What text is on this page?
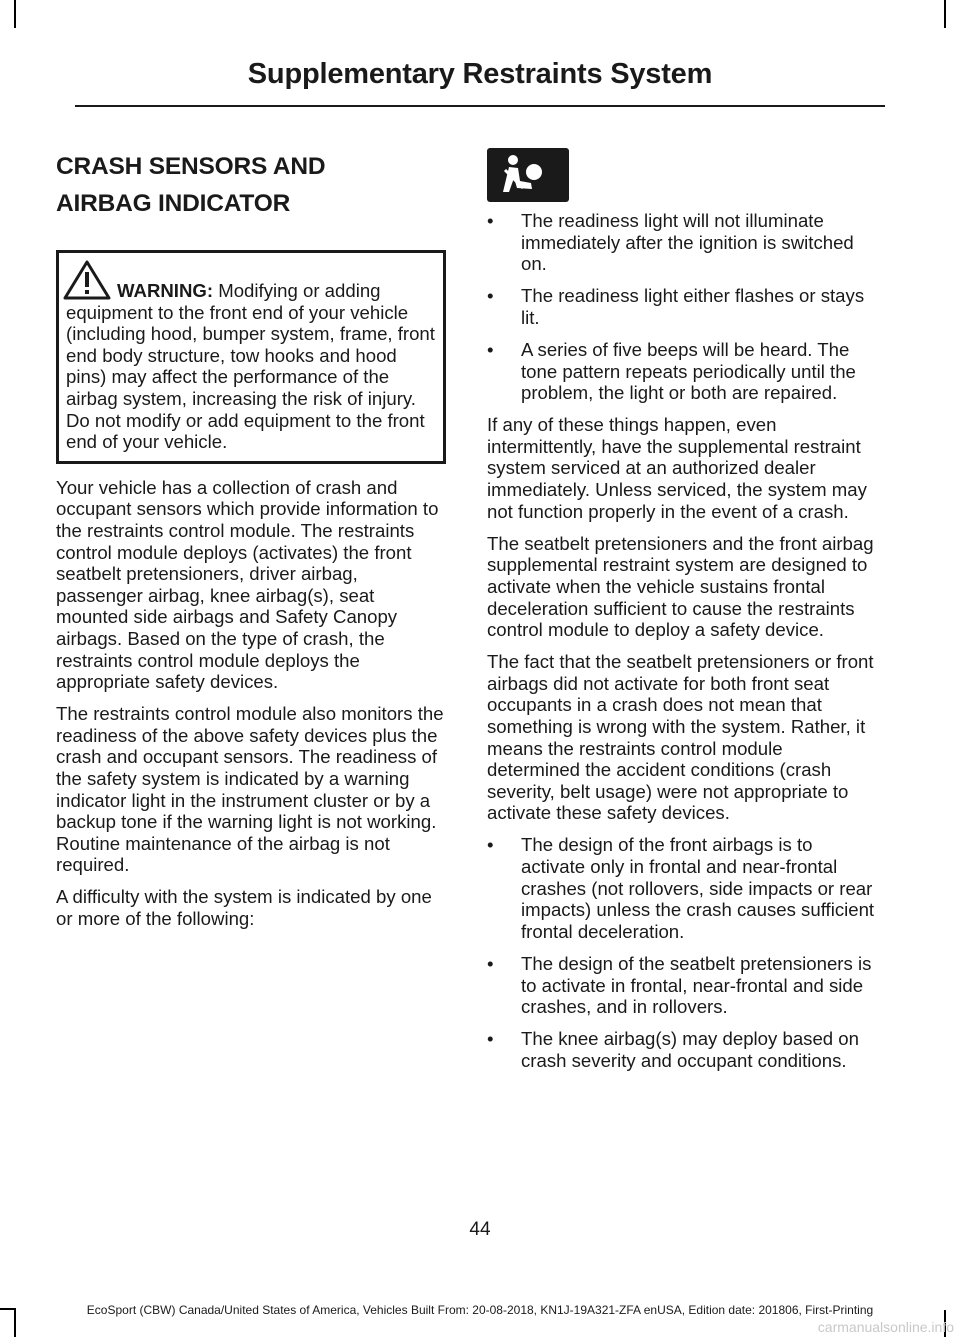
Supplementary Restraints System
CRASH SENSORS AND
AIRBAG INDICATOR

WARNING: Modifying or adding equipment to the front end of your vehicle (including hood, bumper system, frame, front end body structure, tow hooks and hood pins) may affect the performance of the airbag system, increasing the risk of injury. Do not modify or add equipment to the front end of your vehicle.

Your vehicle has a collection of crash and occupant sensors which provide information to the restraints control module. The restraints control module deploys (activates) the front seatbelt pretensioners, driver airbag, passenger airbag, knee airbag(s), seat mounted side airbags and Safety Canopy airbags. Based on the type of crash, the restraints control module deploys the appropriate safety devices.

The restraints control module also monitors the readiness of the above safety devices plus the crash and occupant sensors. The readiness of the safety system is indicated by a warning indicator light in the instrument cluster or by a backup tone if the warning light is not working. Routine maintenance of the airbag is not required.

A difficulty with the system is indicated by one or more of the following:

• The readiness light will not illuminate immediately after the ignition is switched on.
• The readiness light either flashes or stays lit.
• A series of five beeps will be heard. The tone pattern repeats periodically until the problem, the light or both are repaired.

If any of these things happen, even intermittently, have the supplemental restraint system serviced at an authorized dealer immediately. Unless serviced, the system may not function properly in the event of a crash.

The seatbelt pretensioners and the front airbag supplemental restraint system are designed to activate when the vehicle sustains frontal deceleration sufficient to cause the restraints control module to deploy a safety device.

The fact that the seatbelt pretensioners or front airbags did not activate for both front seat occupants in a crash does not mean that something is wrong with the system. Rather, it means the restraints control module determined the accident conditions (crash severity, belt usage) were not appropriate to activate these safety devices.

• The design of the front airbags is to activate only in frontal and near-frontal crashes (not rollovers, side impacts or rear impacts) unless the crash causes sufficient frontal deceleration.
• The design of the seatbelt pretensioners is to activate in frontal, near-frontal and side crashes, and in rollovers.
• The knee airbag(s) may deploy based on crash severity and occupant conditions.
44
EcoSport (CBW) Canada/United States of America, Vehicles Built From: 20-08-2018, KN1J-19A321-ZFA enUSA, Edition date: 201806, First-Printing
carmanualsonline.info
